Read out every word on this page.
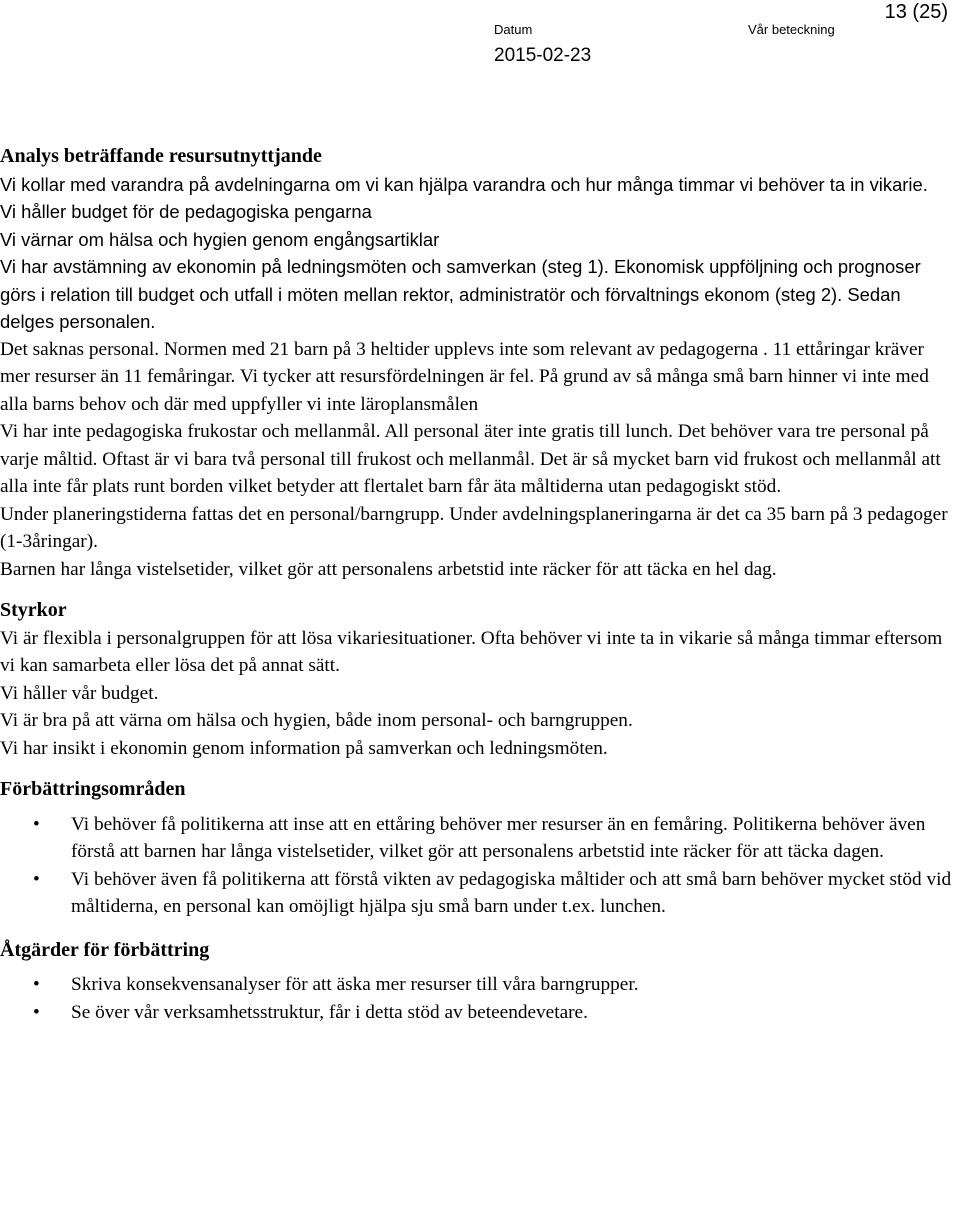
Datum	Vår beteckning
2015-02-23
13 (25)
Analys beträffande resursutnyttjande

Vi kollar med varandra på avdelningarna om vi kan hjälpa varandra och hur många timmar vi behöver ta in vikarie.

Vi håller budget för de pedagogiska pengarna

Vi värnar om hälsa och hygien genom engångsartiklar

Vi har avstämning av ekonomin på ledningsmöten och samverkan (steg 1). Ekonomisk uppföljning och prognoser görs i relation till budget och utfall i möten mellan rektor, administratör och förvaltnings ekonom (steg 2). Sedan delges personalen.

Det saknas personal. Normen med 21 barn på 3 heltider upplevs inte som relevant av pedagogerna . 11 ettåringar kräver mer resurser än 11 femåringar. Vi tycker att resursfördelningen är fel. På grund av så många små barn hinner vi inte med alla barns behov och där med uppfyller vi inte läroplansmålen

Vi har inte pedagogiska frukostar och mellanmål. All personal äter inte gratis till lunch. Det behöver vara tre personal på varje måltid. Oftast är vi bara två personal till frukost och mellanmål. Det är så mycket barn vid frukost och mellanmål att alla inte får plats runt borden vilket betyder att flertalet barn får äta måltiderna utan pedagogiskt stöd.

Under planeringstiderna fattas det en personal/barngrupp. Under avdelningsplaneringarna är det ca 35 barn på 3 pedagoger (1-3åringar).

Barnen har långa vistelsetider, vilket gör att personalens arbetstid inte räcker för att täcka en hel dag.

Styrkor

Vi är flexibla i personalgruppen för att lösa vikariesituationer. Ofta behöver vi inte ta in vikarie så många timmar eftersom vi kan samarbeta eller lösa det på annat sätt.

Vi håller vår budget.

Vi är bra på att värna om hälsa och hygien, både inom personal- och barngruppen.

Vi har insikt i ekonomin genom information på samverkan och ledningsmöten.

Förbättringsområden
• Vi behöver få politikerna att inse att en ettåring behöver mer resurser än en femåring. Politikerna behöver även förstå att barnen har långa vistelsetider, vilket gör att personalens arbetstid inte räcker för att täcka dagen.
• Vi behöver även få politikerna att förstå vikten av pedagogiska måltider och att små barn behöver mycket stöd vid måltiderna, en personal kan omöjligt hjälpa sju små barn under t.ex. lunchen.
Åtgärder för förbättring
• Skriva konsekvensanalyser för att äska mer resurser till våra barngrupper.
• Se över vår verksamhetsstruktur, får i detta stöd av beteendevetare.
